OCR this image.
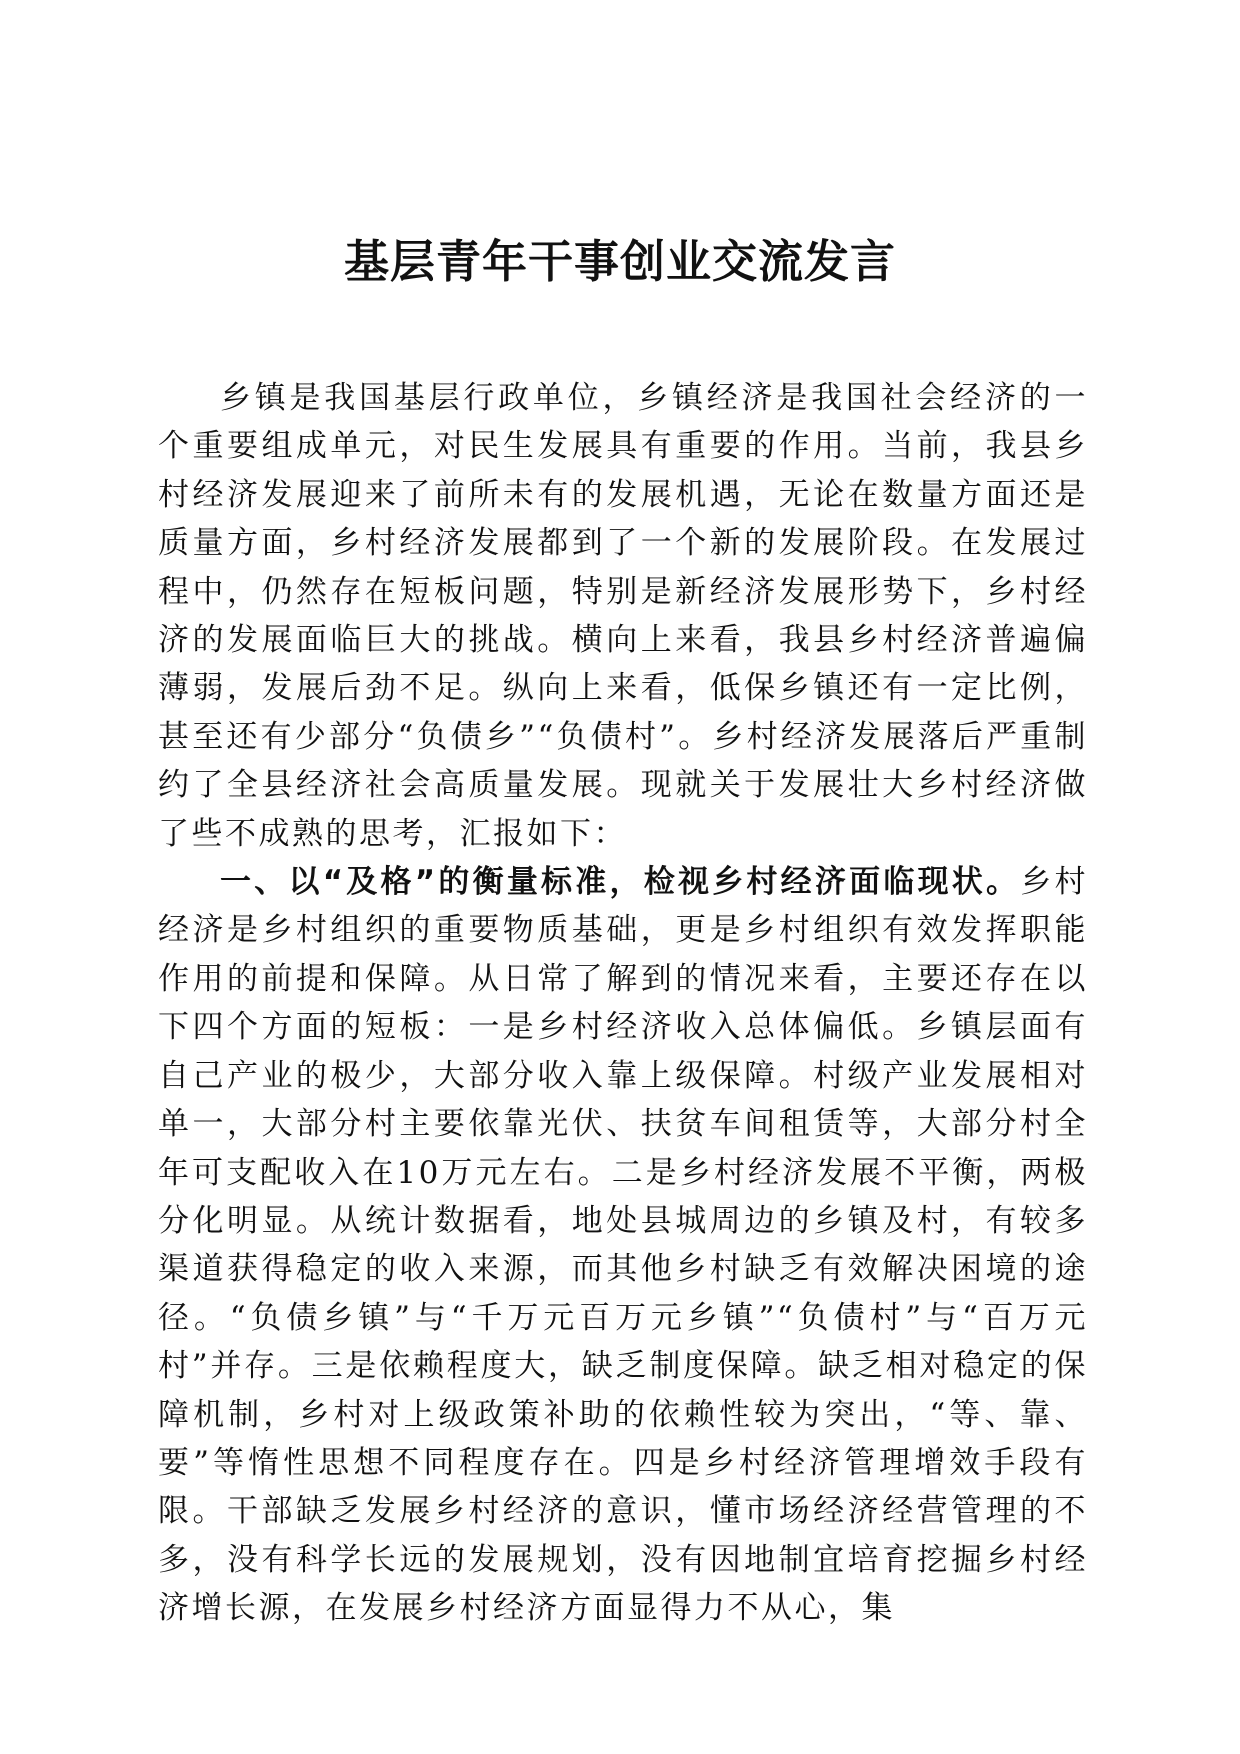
基层青年干事创业交流发言

乡镇是我国基层行政单位，乡镇经济是我国社会经济的一个重要组成单元，对民生发展具有重要的作用。当前，我县乡村经济发展迎来了前所未有的发展机遇，无论在数量方面还是质量方面，乡村经济发展都到了一个新的发展阶段。在发展过程中，仍然存在短板问题，特别是新经济发展形势下，乡村经济的发展面临巨大的挑战。横向上来看，我县乡村经济普遍偏薄弱，发展后劲不足。纵向上来看，低保乡镇还有一定比例，甚至还有少部分“负债乡”“负债村”。乡村经济发展落后严重制约了全县经济社会高质量发展。现就关于发展壮大乡村经济做了些不成熟的思考，汇报如下：

一、以“及格”的衡量标准，检视乡村经济面临现状。乡村经济是乡村组织的重要物质基础，更是乡村组织有效发挥职能作用的前提和保障。从日常了解到的情况来看，主要还存在以下四个方面的短板：一是乡村经济收入总体偏低。乡镇层面有自己产业的极少，大部分收入靠上级保障。村级产业发展相对单一，大部分村主要依靠光伏、扶贫车间租赁等，大部分村全年可支配收入在10万元左右。二是乡村经济发展不平衡，两极分化明显。从统计数据看，地处县城周边的乡镇及村，有较多渠道获得稳定的收入来源，而其他乡村缺乏有效解决困境的途径。“负债乡镇”与“千万元百万元乡镇”“负债村”与“百万元村”并存。三是依赖程度大，缺乏制度保障。缺乏相对稳定的保障机制，乡村对上级政策补助的依赖性较为突出，“等、靠、要”等惰性思想不同程度存在。四是乡村经济管理增效手段有限。干部缺乏发展乡村经济的意识，懂市场经济经营管理的不多，没有科学长远的发展规划，没有因地制宜培育挖掘乡村经济增长源，在发展乡村经济方面显得力不从心，集
